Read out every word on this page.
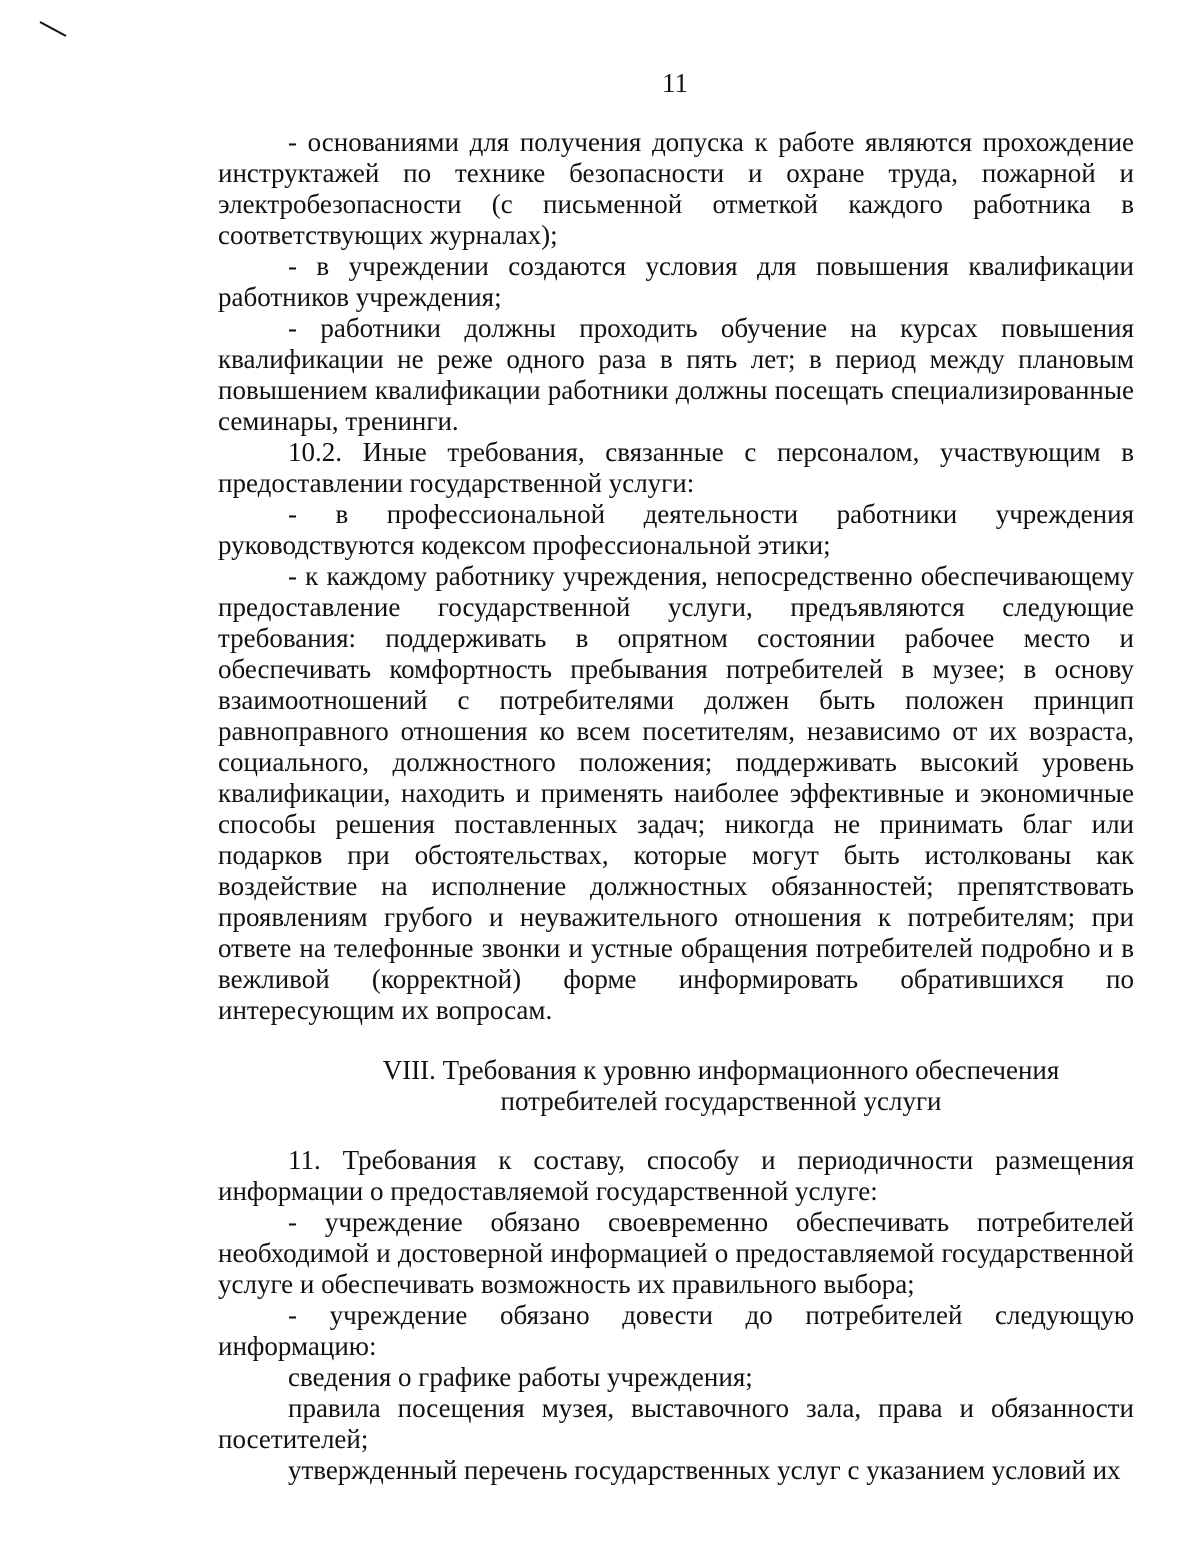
11

- основаниями для получения допуска к работе являются прохождение инструктажей по технике безопасности и охране труда, пожарной и электробезопасности (с письменной отметкой каждого работника в соответствующих журналах);

- в учреждении создаются условия для повышения квалификации работников учреждения;

- работники должны проходить обучение на курсах повышения квалификации не реже одного раза в пять лет; в период между плановым повышением квалификации работники должны посещать специализированные семинары, тренинги.

10.2. Иные требования, связанные с персоналом, участвующим в предоставлении государственной услуги:

- в профессиональной деятельности работники учреждения руководствуются кодексом профессиональной этики;

- к каждому работнику учреждения, непосредственно обеспечивающему предоставление государственной услуги, предъявляются следующие требования: поддерживать в опрятном состоянии рабочее место и обеспечивать комфортность пребывания потребителей в музее; в основу взаимоотношений с потребителями должен быть положен принцип равноправного отношения ко всем посетителям, независимо от их возраста, социального, должностного положения; поддерживать высокий уровень квалификации, находить и применять наиболее эффективные и экономичные способы решения поставленных задач; никогда не принимать благ или подарков при обстоятельствах, которые могут быть истолкованы как воздействие на исполнение должностных обязанностей; препятствовать проявлениям грубого и неуважительного отношения к потребителям; при ответе на телефонные звонки и устные обращения потребителей подробно и в вежливой (корректной) форме информировать обратившихся по интересующим их вопросам.

VIII. Требования к уровню информационного обеспечения
потребителей государственной услуги

11. Требования к составу, способу и периодичности размещения информации о предоставляемой государственной услуге:

- учреждение обязано своевременно обеспечивать потребителей необходимой и достоверной информацией о предоставляемой государственной услуге и обеспечивать возможность их правильного выбора;

- учреждение обязано довести до потребителей следующую информацию:

сведения о графике работы учреждения;

правила посещения музея, выставочного зала, права и обязанности посетителей;

утвержденный перечень государственных услуг с указанием условий их
